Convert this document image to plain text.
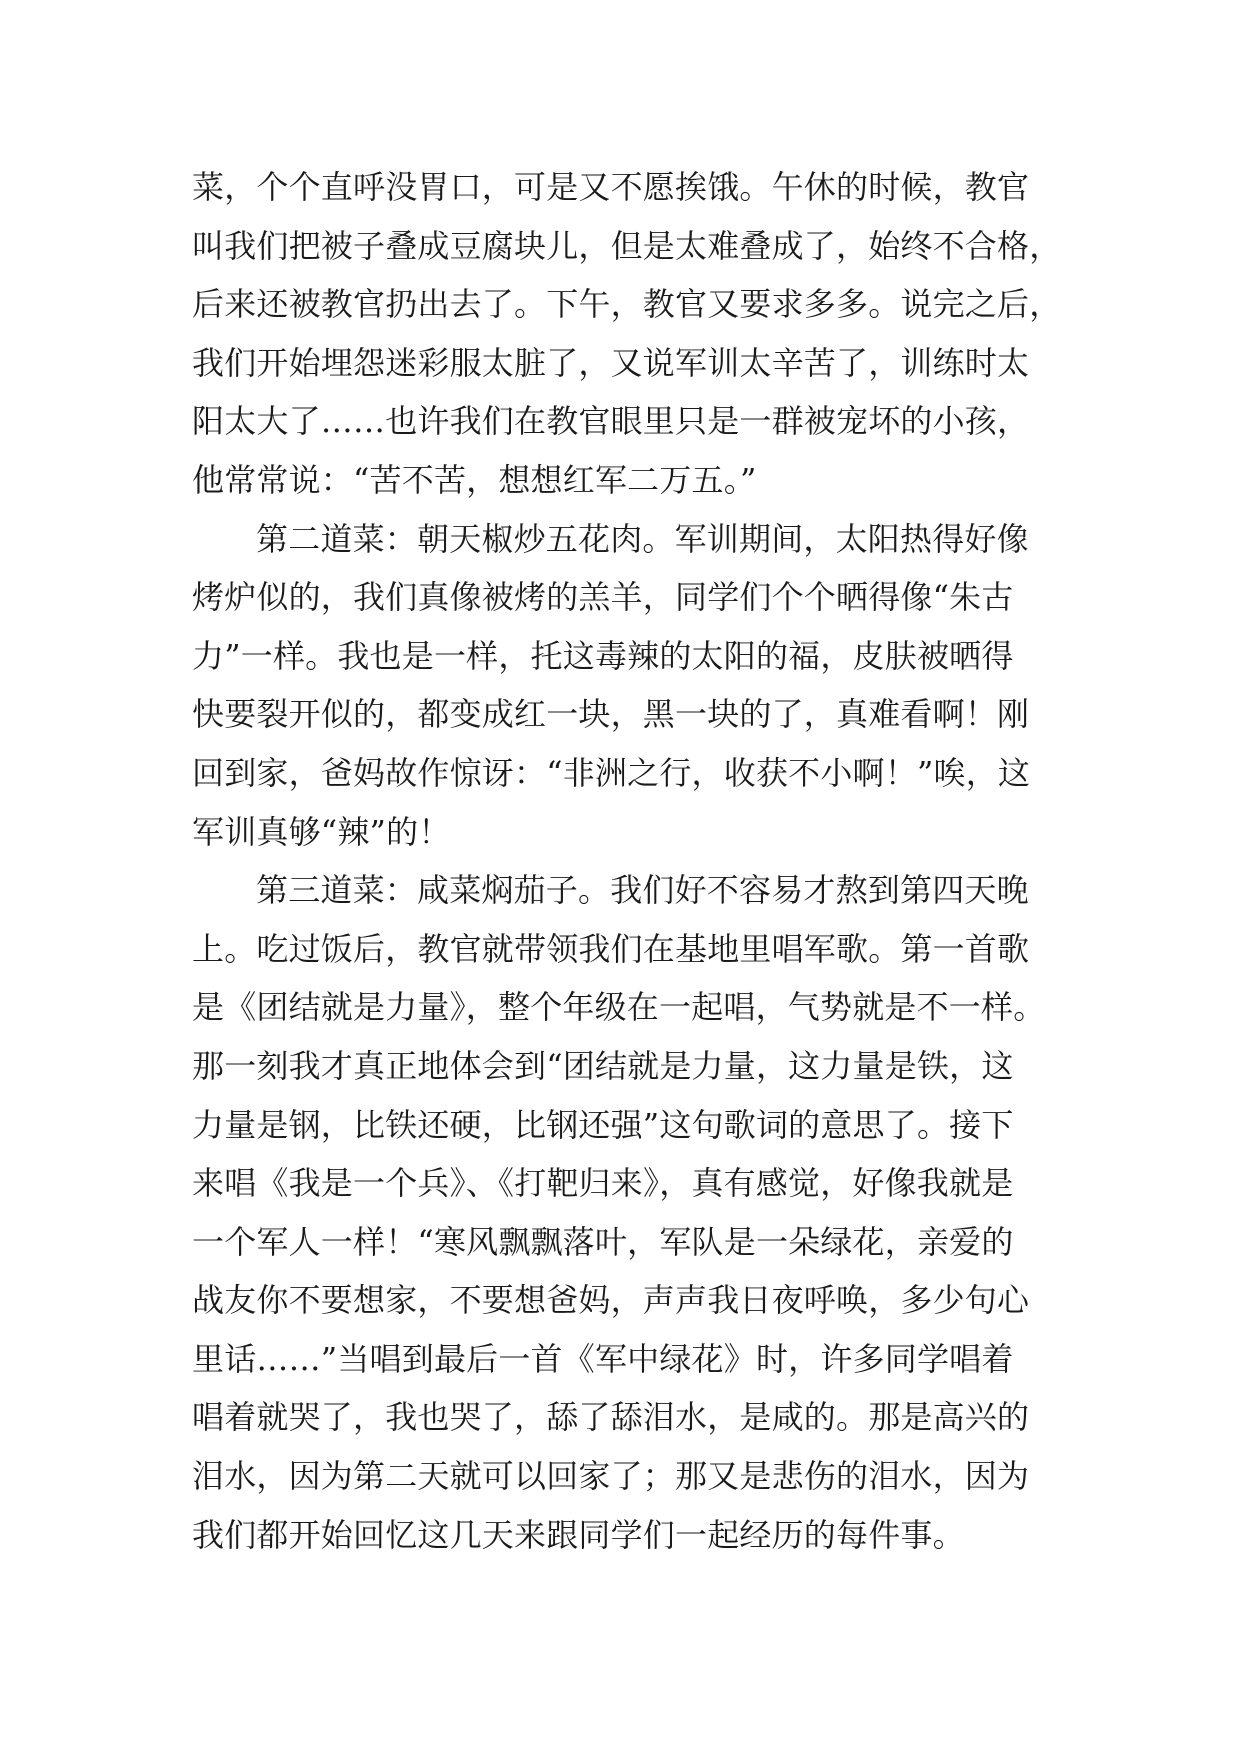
菜，个个直呼没胃口，可是又不愿挨饿。午休的时候，教官
叫我们把被子叠成豆腐块儿，但是太难叠成了，始终不合格，
后来还被教官扔出去了。下午，教官又要求多多。说完之后，
我们开始埋怨迷彩服太脏了，又说军训太辛苦了，训练时太
阳太大了……也许我们在教官眼里只是一群被宠坏的小孩，
他常常说：“苦不苦，想想红军二万五。”
第二道菜：朝天椒炒五花肉。军训期间，太阳热得好像
烤炉似的，我们真像被烤的羔羊，同学们个个晒得像“朱古
力”一样。我也是一样，托这毒辣的太阳的福，皮肤被晒得
快要裂开似的，都变成红一块，黑一块的了，真难看啊！刚
回到家，爸妈故作惊讶：“非洲之行，收获不小啊！”唉，这
军训真够“辣”的！
第三道菜：咸菜焖茄子。我们好不容易才熬到第四天晚
上。吃过饭后，教官就带领我们在基地里唱军歌。第一首歌
是《团结就是力量》，整个年级在一起唱，气势就是不一样。
那一刻我才真正地体会到“团结就是力量，这力量是铁，这
力量是钢，比铁还硬，比钢还强”这句歌词的意思了。接下
来唱《我是一个兵》、《打靶归来》，真有感觉，好像我就是
一个军人一样！“寒风飘飘落叶，军队是一朵绿花，亲爱的
战友你不要想家，不要想爸妈，声声我日夜呼唤，多少句心
里话……”当唱到最后一首《军中绿花》时，许多同学唱着
唱着就哭了，我也哭了，舔了舔泪水，是咸的。那是高兴的
泪水，因为第二天就可以回家了；那又是悲伤的泪水，因为
我们都开始回忆这几天来跟同学们一起经历的每件事。
